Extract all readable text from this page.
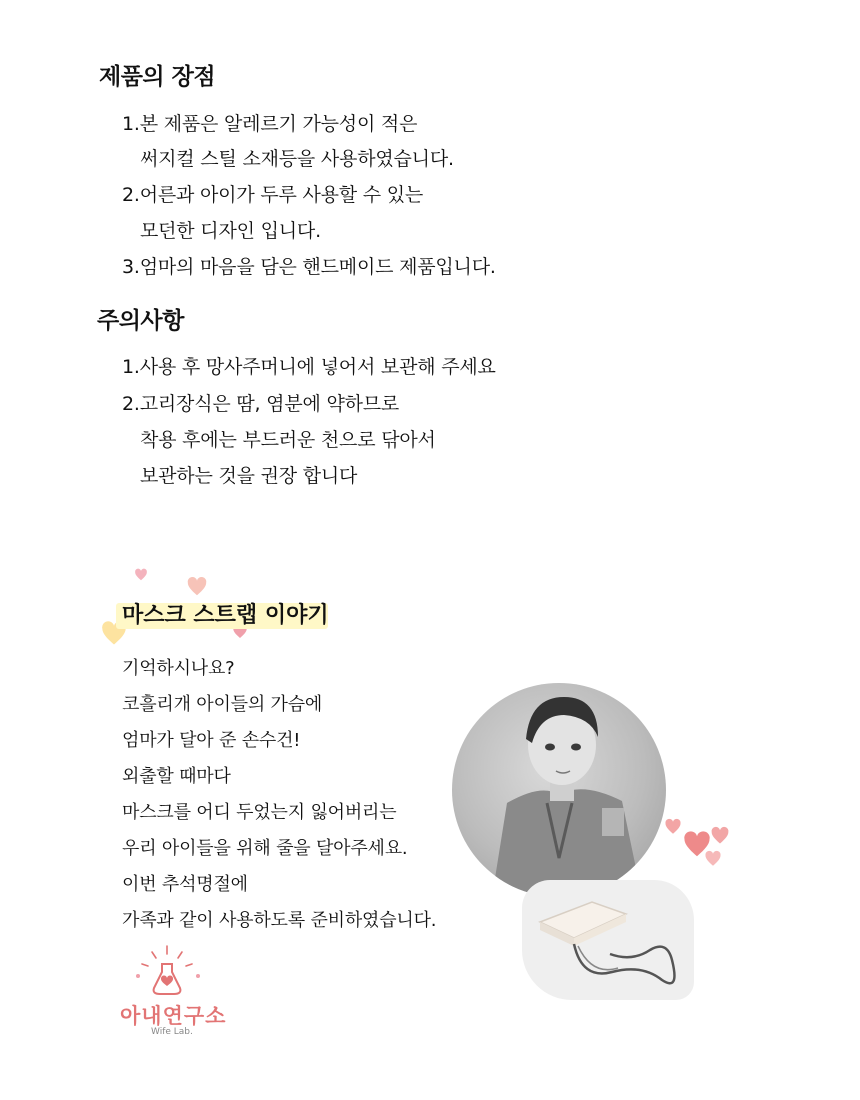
제품의 장점
1.본 제품은 알레르기 가능성이 적은
써지컬 스틸 소재등을 사용하였습니다.
2.어른과 아이가 두루 사용할 수 있는
모던한 디자인 입니다.
3.엄마의 마음을 담은 핸드메이드 제품입니다.
주의사항
1.사용 후 망사주머니에 넣어서 보관해 주세요
2.고리장식은 땀, 염분에 약하므로
착용 후에는 부드러운 천으로 닦아서
보관하는 것을 권장 합니다
마스크 스트랩 이야기
기억하시나요?
코흘리개 아이들의 가슴에
엄마가 달아 준 손수건!
외출할 때마다
마스크를 어디 두었는지 잃어버리는
우리 아이들을 위해 줄을 달아주세요.
이번 추석명절에
가족과 같이 사용하도록 준비하였습니다.
아내연구소
Wife Lab.
